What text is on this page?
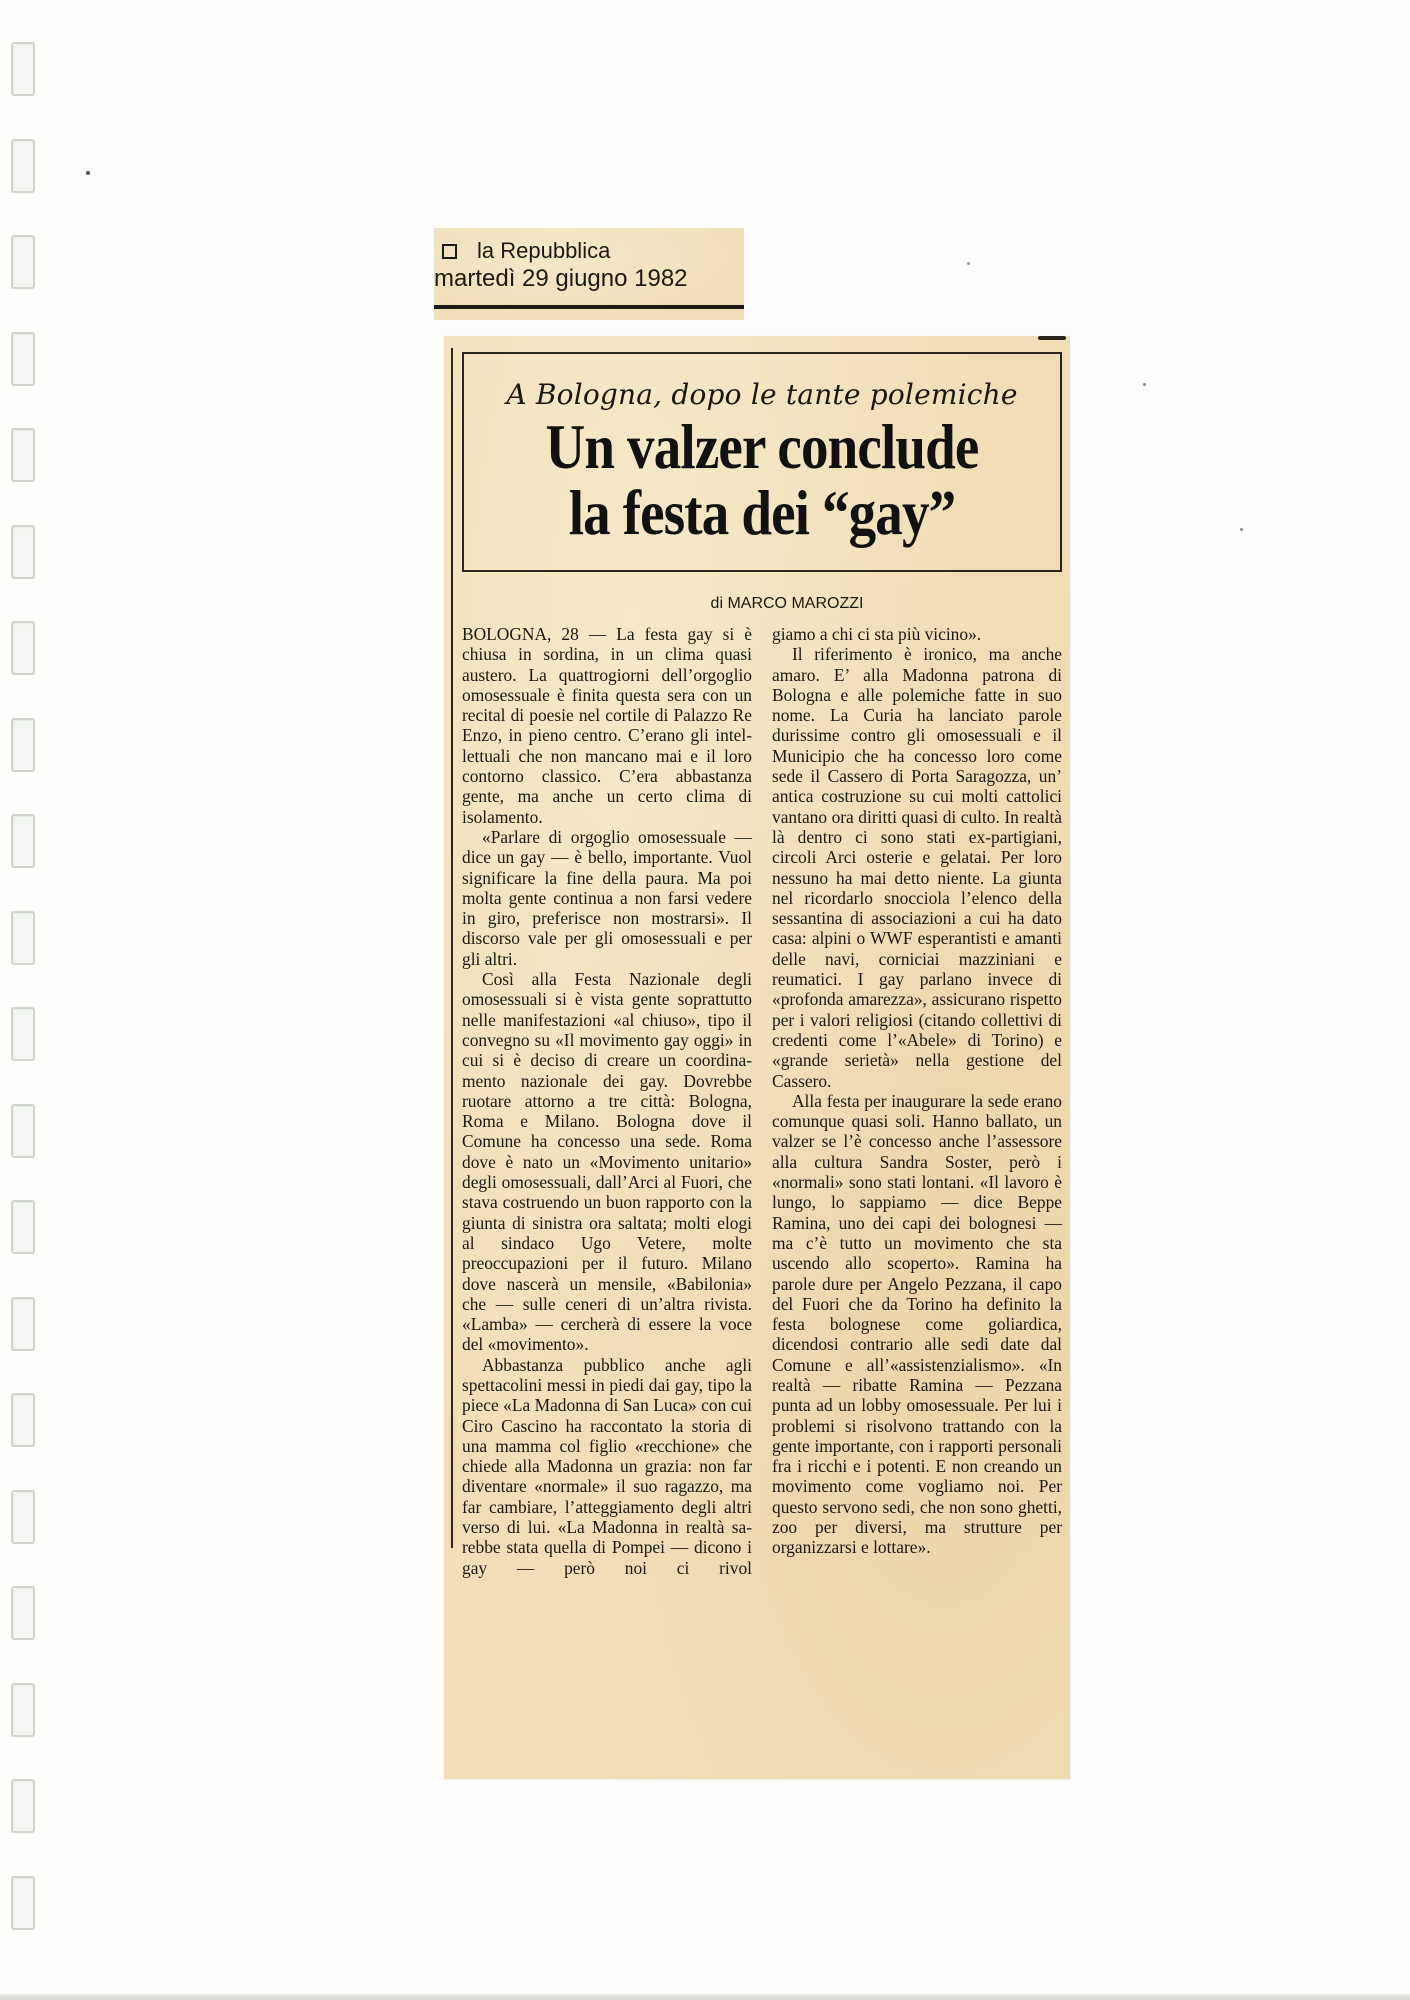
la Repubblica
martedì 29 giugno 1982
A Bologna, dopo le tante polemiche
Un valzer conclude
la festa dei “gay”
di MARCO MAROZZI

BOLOGNA, 28 — La festa gay si è chiusa in sordina, in un clima quasi austero. La quattrogiorni dell’orgoglio omosessuale è finita questa sera con un recital di poesie nel cortile di Palazzo Re Enzo, in pieno centro. C’erano gli intellettuali che non mancano mai e il loro contorno classico. C’era abbastanza gente, ma anche un certo clima di isolamento.

«Parlare di orgoglio omosessuale — dice un gay — è bello, importante. Vuol significare la fine della paura. Ma poi molta gente continua a non farsi vedere in giro, preferisce non mostrarsi». Il discorso vale per gli omosessuali e per gli altri.

Così alla Festa Nazionale degli omosessuali si è vista gente soprattutto nelle manifestazioni «al chiuso», tipo il convegno su «Il movimento gay oggi» in cui si è deciso di creare un coordinamento nazionale dei gay. Dovrebbe ruotare attorno a tre città: Bologna, Roma e Milano. Bologna dove il Comune ha concesso una sede. Roma dove è nato un «Movimento unitario» degli omosessuali, dall’Arci al Fuori, che stava costruendo un buon rapporto con la giunta di sinistra ora saltata; molti elogi al sindaco Ugo Vetere, molte preoccupazioni per il futuro. Milano dove nascerà un mensile, «Babilonia» che — sulle ceneri di un’altra rivista. «Lamba» — cercherà di essere la voce del «movimento».

Abbastanza pubblico anche agli spettacolini messi in piedi dai gay, tipo la piece «La Madonna di San Luca» con cui Ciro Cascino ha raccontato la storia di una mamma col figlio «recchione» che chiede alla Madonna un grazia: non far diventare «normale» il suo ragazzo, ma far cambiare, l’atteggiamento degli altri verso di lui. «La Madonna in realtà sarebbe stata quella di Pompei — dicono i gay — però noi ci rivol

giamo a chi ci sta più vicino».

Il riferimento è ironico, ma anche amaro. E’ alla Madonna patrona di Bologna e alle polemiche fatte in suo nome. La Curia ha lanciato parole durissime contro gli omosessuali e il Municipio che ha concesso loro come sede il Cassero di Porta Saragozza, un’ antica costruzione su cui molti cattolici vantano ora diritti quasi di culto. In realtà là dentro ci sono stati ex-partigiani, circoli Arci osterie e gelatai. Per loro nessuno ha mai detto niente. La giunta nel ricordarlo snocciola l’elenco della sessantina di associazioni a cui ha dato casa: alpini o WWF esperantisti e amanti delle navi, corniciai mazziniani e reumatici. I gay parlano invece di «profonda amarezza», assicurano rispetto per i valori religiosi (citando collettivi di credenti come l’«Abele» di Torino) e «grande serietà» nella gestione del Cassero.

Alla festa per inaugurare la sede erano comunque quasi soli. Hanno ballato, un valzer se l’è concesso anche l’assessore alla cultura Sandra Soster, però i «normali» sono stati lontani. «Il lavoro è lungo, lo sappiamo — dice Beppe Ramina, uno dei capi dei bolognesi — ma c’è tutto un movimento che sta uscendo allo scoperto». Ramina ha parole dure per Angelo Pezzana, il capo del Fuori che da Torino ha definito la festa bolognese come goliardica, dicendosi contrario alle sedi date dal Comune e all’«assistenzialismo». «In realtà — ribatte Ramina — Pezzana punta ad un lobby omosessuale. Per lui i problemi si risolvono trattando con la gente importante, con i rapporti personali fra i ricchi e i potenti. E non creando un movimento come vogliamo noi. Per questo servono sedi, che non sono ghetti, zoo per diversi, ma strutture per organizzarsi e lottare».
